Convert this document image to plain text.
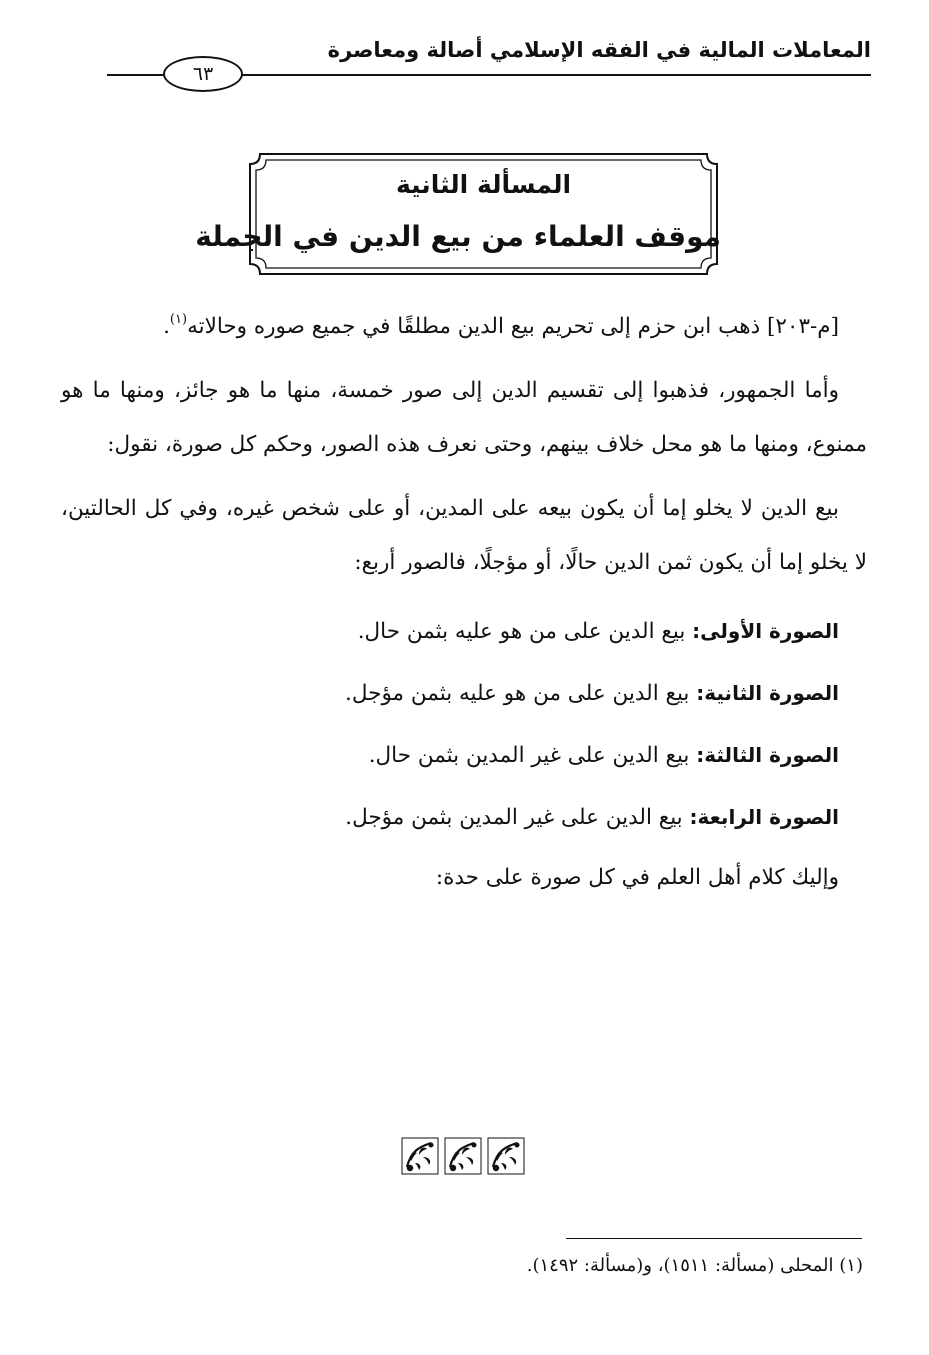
المعاملات المالية في الفقه الإسلامي أصالة ومعاصرة
٦٣
المسألة الثانية
موقف العلماء من بيع الدين في الجملة

[م-٢٠٣] ذهب ابن حزم إلى تحريم بيع الدين مطلقًا في جميع صوره وحالاته$^{(١)}$.

وأما الجمهور، فذهبوا إلى تقسيم الدين إلى صور خمسة، منها ما هو جائز، ومنها ما هو ممنوع، ومنها ما هو محل خلاف بينهم، وحتى نعرف هذه الصور، وحكم كل صورة، نقول:

بيع الدين لا يخلو إما أن يكون بيعه على المدين، أو على شخص غيره، وفي كل الحالتين، لا يخلو إما أن يكون ثمن الدين حالًا، أو مؤجلًا، فالصور أربع:

الصورة الأولى: بيع الدين على من هو عليه بثمن حال.
الصورة الثانية: بيع الدين على من هو عليه بثمن مؤجل.
الصورة الثالثة: بيع الدين على غير المدين بثمن حال.
الصورة الرابعة: بيع الدين على غير المدين بثمن مؤجل.
وإليك كلام أهل العلم في كل صورة على حدة:
(١) المحلى (مسألة: ١٥١١)، و(مسألة: ١٤٩٢).
